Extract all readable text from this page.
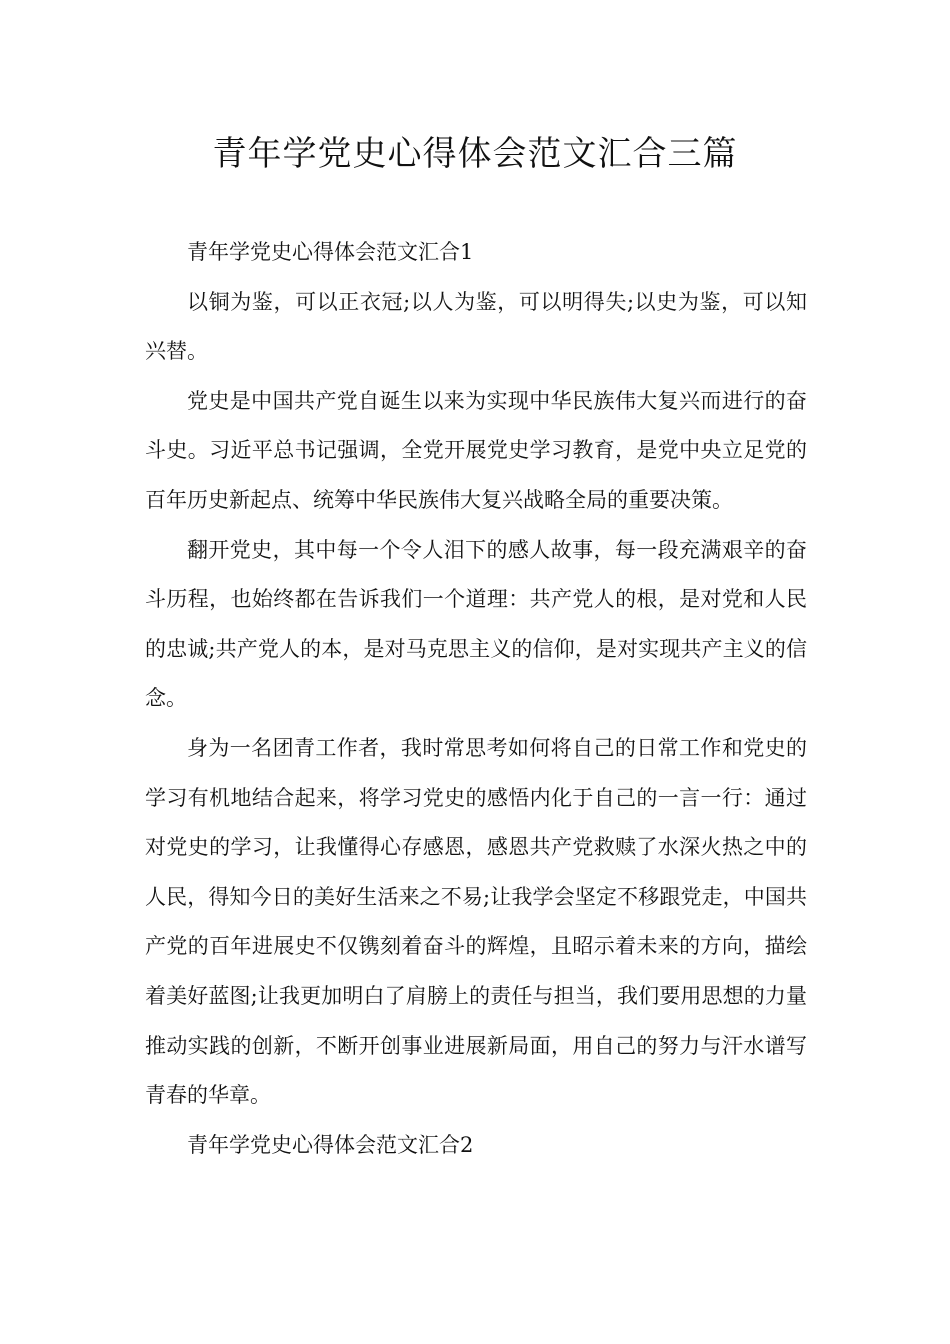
青年学党史心得体会范文汇合三篇

青年学党史心得体会范文汇合1

以铜为鉴，可以正衣冠;以人为鉴，可以明得失;以史为鉴，可以知兴替。

党史是中国共产党自诞生以来为实现中华民族伟大复兴而进行的奋斗史。习近平总书记强调，全党开展党史学习教育，是党中央立足党的百年历史新起点、统筹中华民族伟大复兴战略全局的重要决策。

翻开党史，其中每一个令人泪下的感人故事，每一段充满艰辛的奋斗历程，也始终都在告诉我们一个道理：共产党人的根，是对党和人民的忠诚;共产党人的本，是对马克思主义的信仰，是对实现共产主义的信念。

身为一名团青工作者，我时常思考如何将自己的日常工作和党史的学习有机地结合起来，将学习党史的感悟内化于自己的一言一行：通过对党史的学习，让我懂得心存感恩，感恩共产党救赎了水深火热之中的人民，得知今日的美好生活来之不易;让我学会坚定不移跟党走，中国共产党的百年进展史不仅镌刻着奋斗的辉煌，且昭示着未来的方向，描绘着美好蓝图;让我更加明白了肩膀上的责任与担当，我们要用思想的力量推动实践的创新，不断开创事业进展新局面，用自己的努力与汗水谱写青春的华章。

青年学党史心得体会范文汇合2
